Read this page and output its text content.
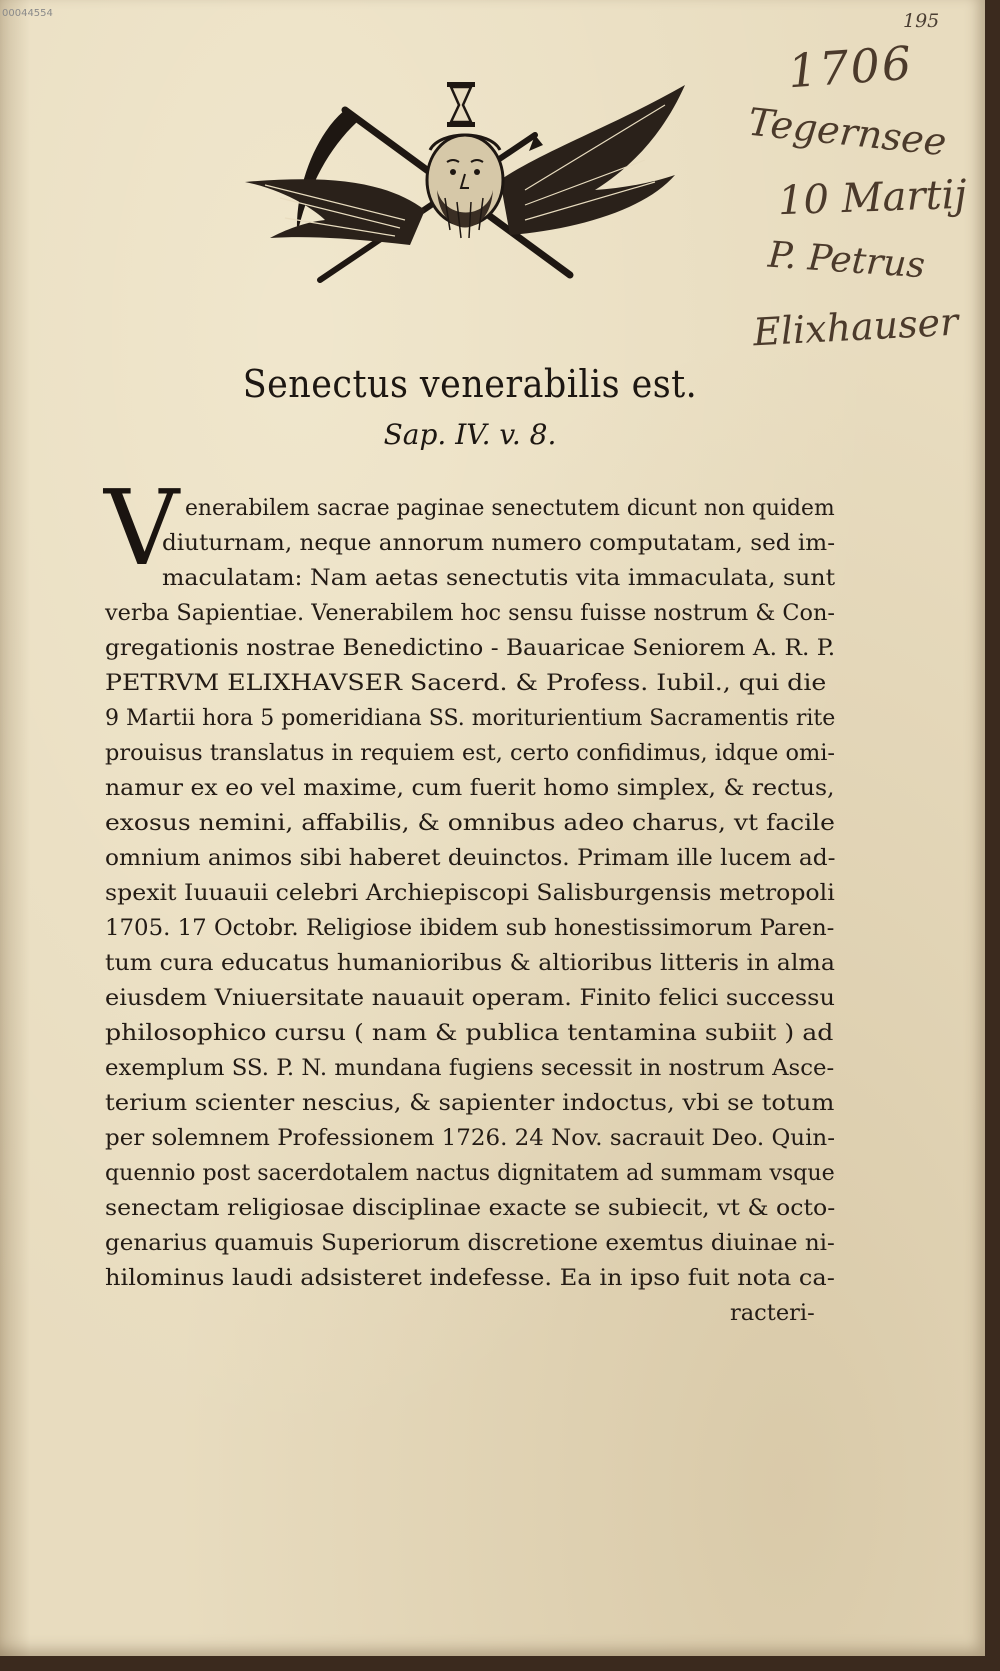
00044554	195
1706
Tegernsee
10 Martij
P. Petrus
Elixhauser
Senectus venerabilis est.
Sap. IV. v. 8.
V enerabilem sacrae paginae senectutem dicunt non quidem
diuturnam, neque annorum numero computatam, sed im-
maculatam: Nam aetas senectutis vita immaculata, sunt
verba Sapientiae. Venerabilem hoc sensu fuisse nostrum & Con-
gregationis nostrae Benedictino - Bauaricae Seniorem A. R. P.
PETRVM ELIXHAVSER Sacerd. & Profess. Iubil., qui die
9 Martii hora 5 pomeridiana SS. moriturientium Sacramentis rite
prouisus translatus in requiem est, certo confidimus, idque omi-
namur ex eo vel maxime, cum fuerit homo simplex, & rectus,
exosus nemini, affabilis, & omnibus adeo charus, vt facile
omnium animos sibi haberet deuinctos. Primam ille lucem ad-
spexit Iuuauii celebri Archiepiscopi Salisburgensis metropoli
1705. 17 Octobr. Religiose ibidem sub honestissimorum Paren-
tum cura educatus humanioribus & altioribus litteris in alma
eiusdem Vniuersitate nauauit operam. Finito felici successu
philosophico cursu ( nam & publica tentamina subiit ) ad
exemplum SS. P. N. mundana fugiens secessit in nostrum Asce-
terium scienter nescius, & sapienter indoctus, vbi se totum
per solemnem Professionem 1726. 24 Nov. sacrauit Deo. Quin-
quennio post sacerdotalem nactus dignitatem ad summam vsque
senectam religiosae disciplinae exacte se subiecit, vt & octo-
genarius quamuis Superiorum discretione exemtus diuinae ni-
hilominus laudi adsisteret indefesse. Ea in ipso fuit nota ca-
racteri-
